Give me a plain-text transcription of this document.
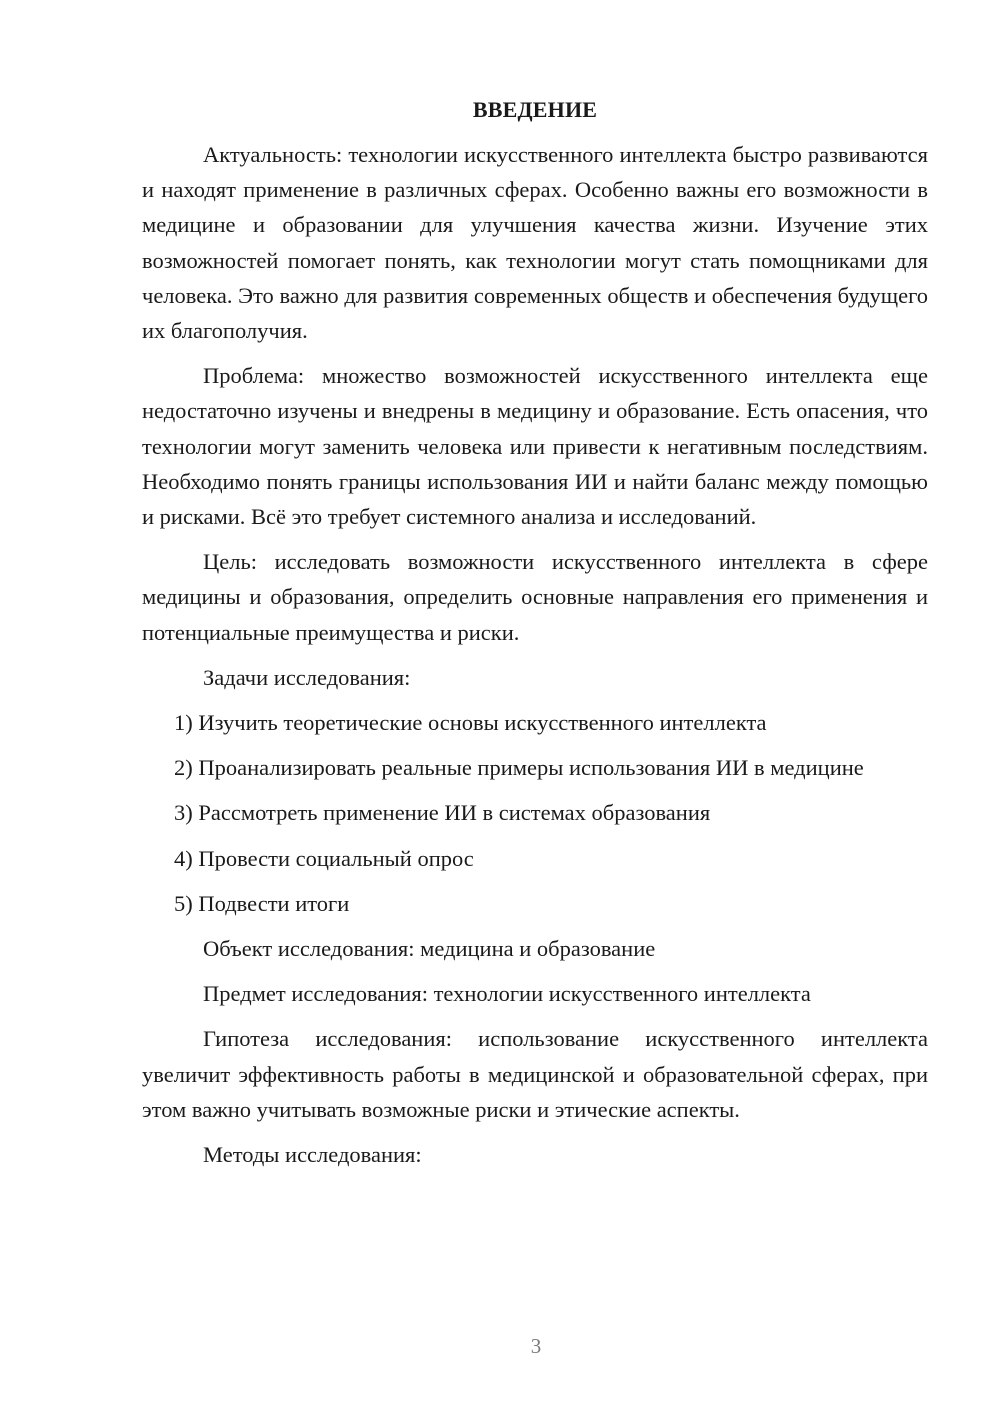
ВВЕДЕНИЕ

Актуальность: технологии искусственного интеллекта быстро развиваются и находят применение в различных сферах. Особенно важны его возможности в медицине и образовании для улучшения качества жизни. Изучение этих возможностей помогает понять, как технологии могут стать помощниками для человека. Это важно для развития современных обществ и обеспечения будущего их благополучия.

Проблема: множество возможностей искусственного интеллекта еще недостаточно изучены и внедрены в медицину и образование. Есть опасения, что технологии могут заменить человека или привести к негативным последствиям. Необходимо понять границы использования ИИ и найти баланс между помощью и рисками. Всё это требует системного анализа и исследований.

Цель: исследовать возможности искусственного интеллекта в сфере медицины и образования, определить основные направления его применения и потенциальные преимущества и риски.

Задачи исследования:

1) Изучить теоретические основы искусственного интеллекта

2) Проанализировать реальные примеры использования ИИ в медицине

3) Рассмотреть применение ИИ в системах образования

4) Провести социальный опрос

5) Подвести итоги

Объект исследования: медицина и образование

Предмет исследования: технологии искусственного интеллекта

Гипотеза исследования: использование искусственного интеллекта увеличит эффективность работы в медицинской и образовательной сферах, при этом важно учитывать возможные риски и этические аспекты.

Методы исследования:

3
